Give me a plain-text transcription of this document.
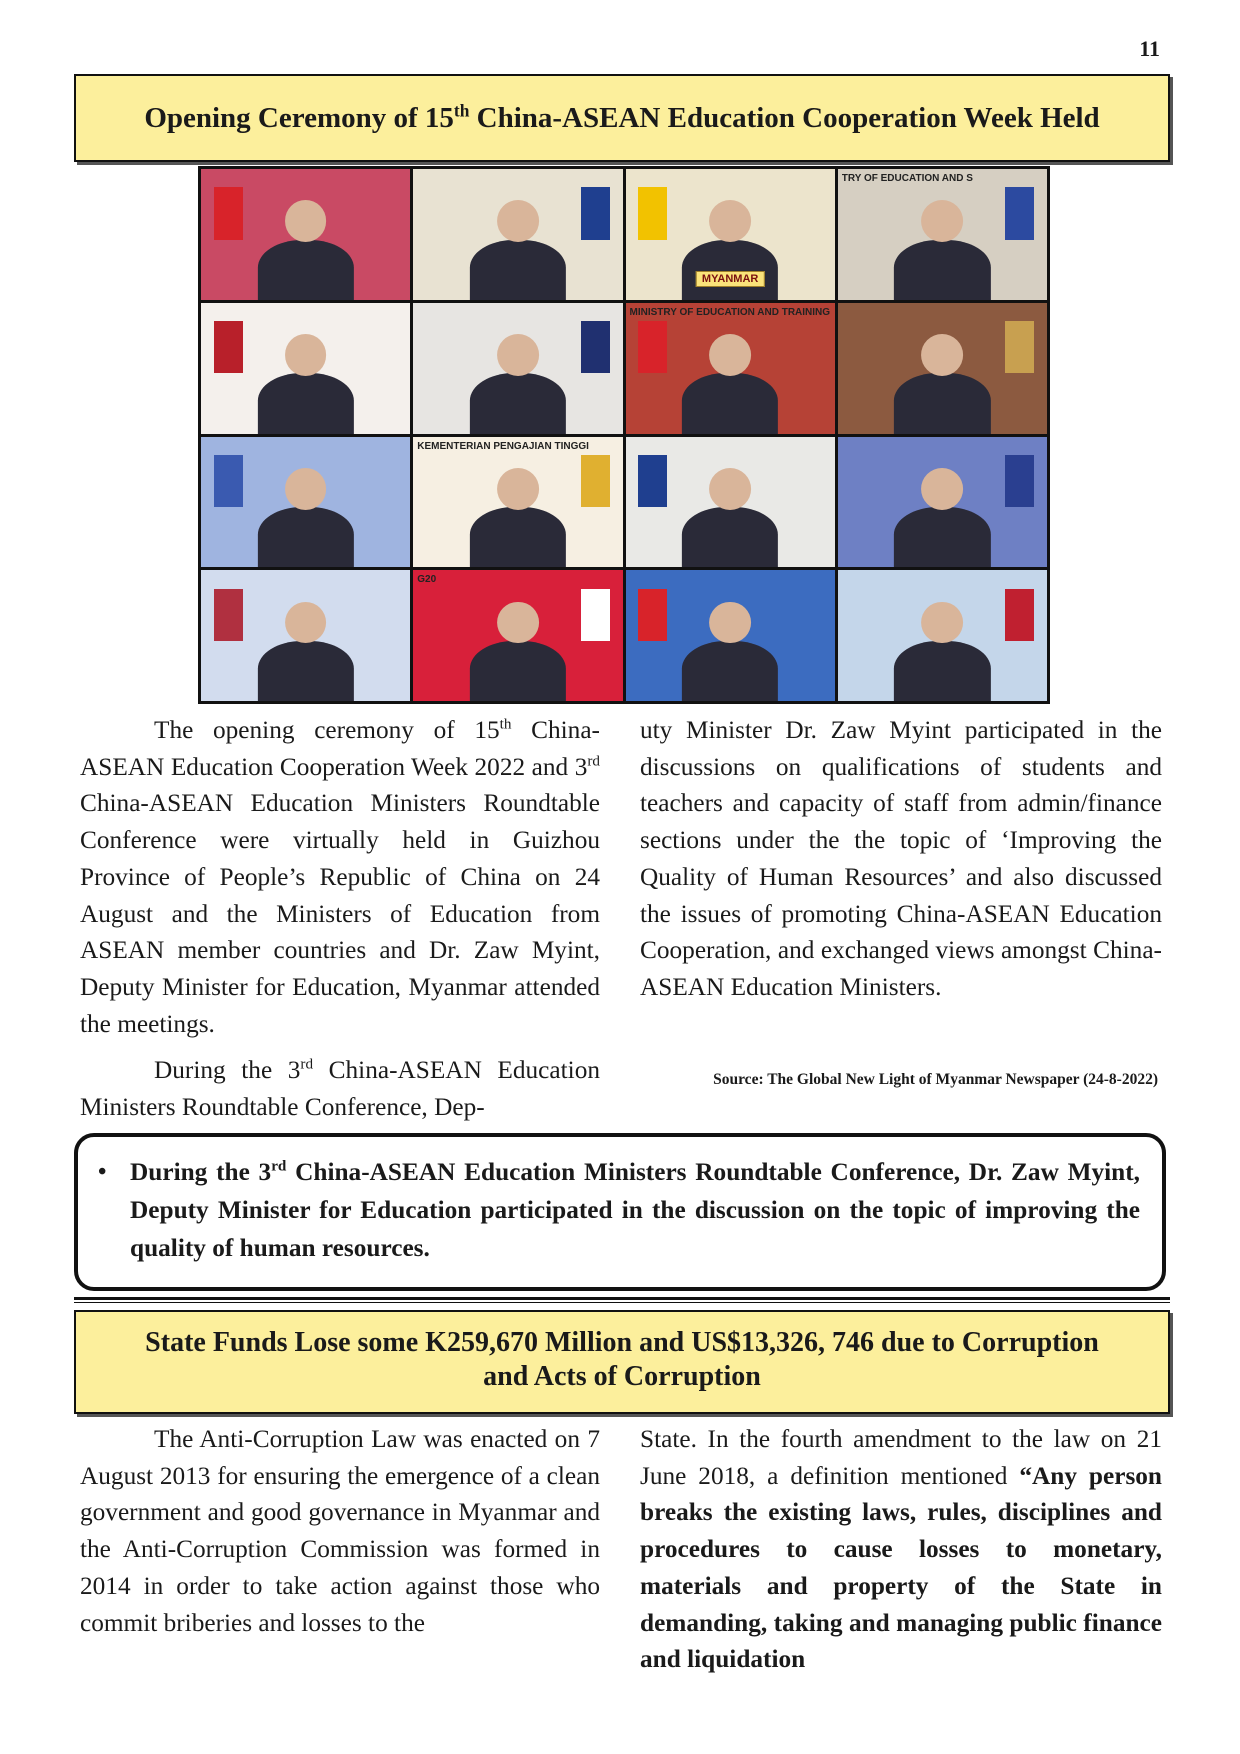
11
Opening Ceremony of 15th China-ASEAN Education Cooperation Week Held
MYANMAR
TRY OF EDUCATION AND S
MINISTRY OF EDUCATION AND TRAINING
KEMENTERIAN PENGAJIAN TINGGI
G20

The opening ceremony of 15th China-ASEAN Education Cooperation Week 2022 and 3rd China-ASEAN Education Ministers Roundtable Conference were virtually held in Guizhou Province of People’s Republic of China on 24 August and the Ministers of Education from ASEAN member countries and Dr. Zaw Myint, Deputy Minister for Education, Myanmar attended the meetings.

During the 3rd China-ASEAN Education Ministers Roundtable Conference, Dep-

uty Minister Dr. Zaw Myint participated in the discussions on qualifications of students and teachers and capacity of staff from admin/finance sections under the the topic of ‘Improving the Quality of Human Resources’ and also discussed the issues of promoting China-ASEAN Education Cooperation, and exchanged views amongst China-ASEAN Education Ministers.

Source: The Global New Light of Myanmar Newspaper (24-8-2022)
• During the 3rd China-ASEAN Education Ministers Roundtable Conference, Dr. Zaw Myint, Deputy Minister for Education participated in the discussion on the topic of improving the quality of human resources.
State Funds Lose some K259,670 Million and US$13,326, 746 due to Corruption
and Acts of Corruption

The Anti-Corruption Law was enacted on 7 August 2013 for ensuring the emergence of a clean government and good governance in Myanmar and the Anti-Corruption Commission was formed in 2014 in order to take action against those who commit briberies and losses to the

State. In the fourth amendment to the law on 21 June 2018, a definition mentioned “Any person breaks the existing laws, rules, disciplines and procedures to cause losses to monetary, materials and property of the State in demanding, taking and managing public finance and liquidation
